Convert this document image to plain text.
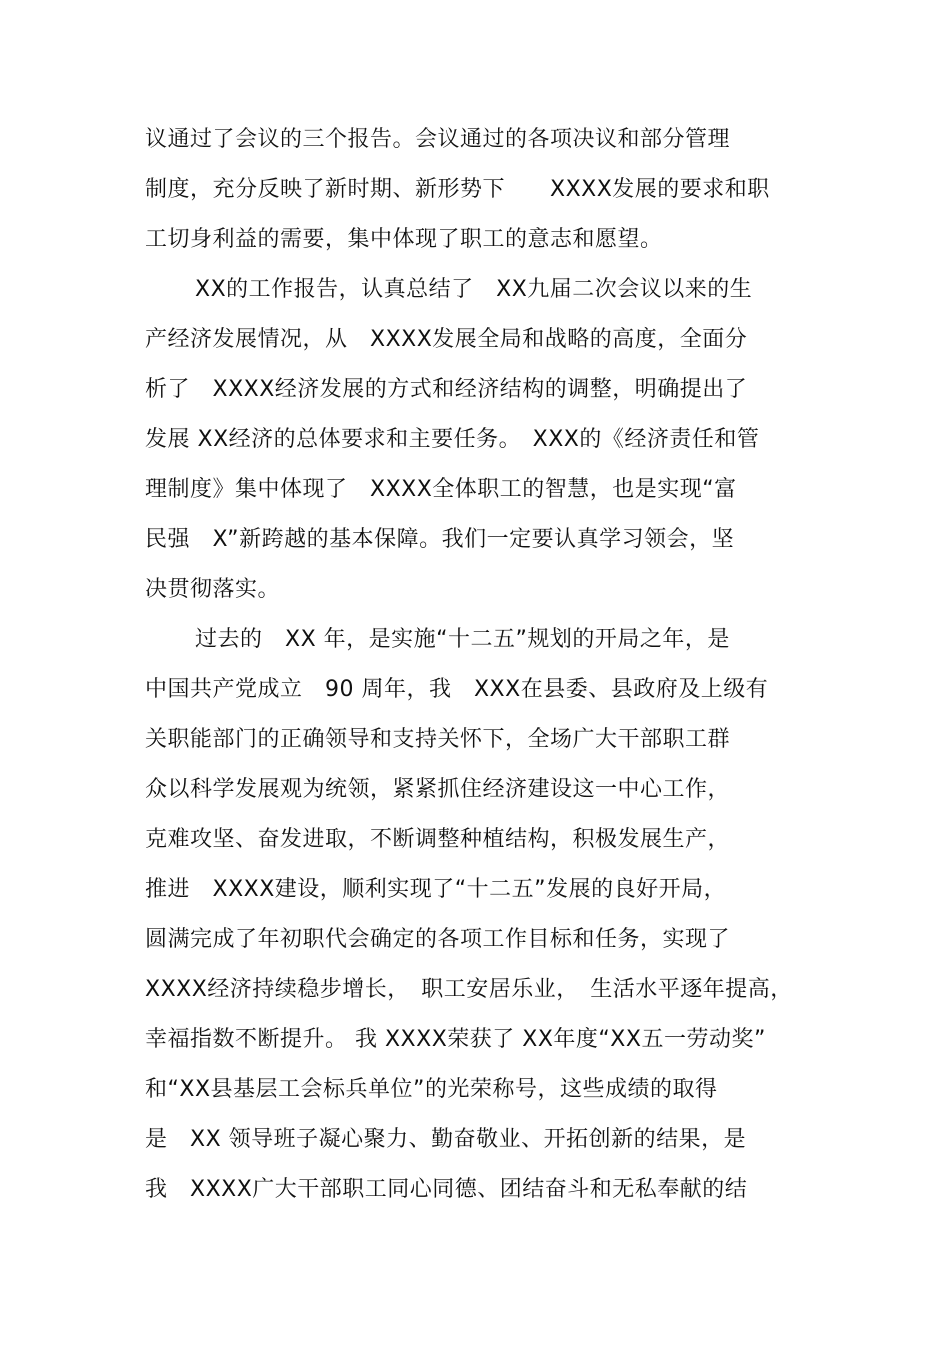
议通过了会议的三个报告。会议通过的各项决议和部分管理
制度，充分反映了新时期、新形势下　　XXXX发展的要求和职
工切身利益的需要，集中体现了职工的意志和愿望。
XX的工作报告，认真总结了　XX九届二次会议以来的生
产经济发展情况，从　XXXX发展全局和战略的高度，全面分
析了　XXXX经济发展的方式和经济结构的调整，明确提出了
发展 XX经济的总体要求和主要任务。　XXX的《经济责任和管
理制度》集中体现了　XXXX全体职工的智慧，也是实现“富
民强　X”新跨越的基本保障。我们一定要认真学习领会，坚
决贯彻落实。
过去的　XX 年，是实施“十二五”规划的开局之年，是
中国共产党成立　90 周年，我　XXX在县委、县政府及上级有
关职能部门的正确领导和支持关怀下，全场广大干部职工群
众以科学发展观为统领，紧紧抓住经济建设这一中心工作，
克难攻坚、奋发进取，不断调整种植结构，积极发展生产，
推进　XXXX建设，顺利实现了“十二五”发展的良好开局，
圆满完成了年初职代会确定的各项工作目标和任务，实现了
XXXX经济持续稳步增长，　职工安居乐业，　生活水平逐年提高，
幸福指数不断提升。 我 XXXX荣获了 XX年度“XX五一劳动奖”
和“XX县基层工会标兵单位”的光荣称号，这些成绩的取得
是　XX 领导班子凝心聚力、勤奋敬业、开拓创新的结果，是
我　XXXX广大干部职工同心同德、团结奋斗和无私奉献的结
